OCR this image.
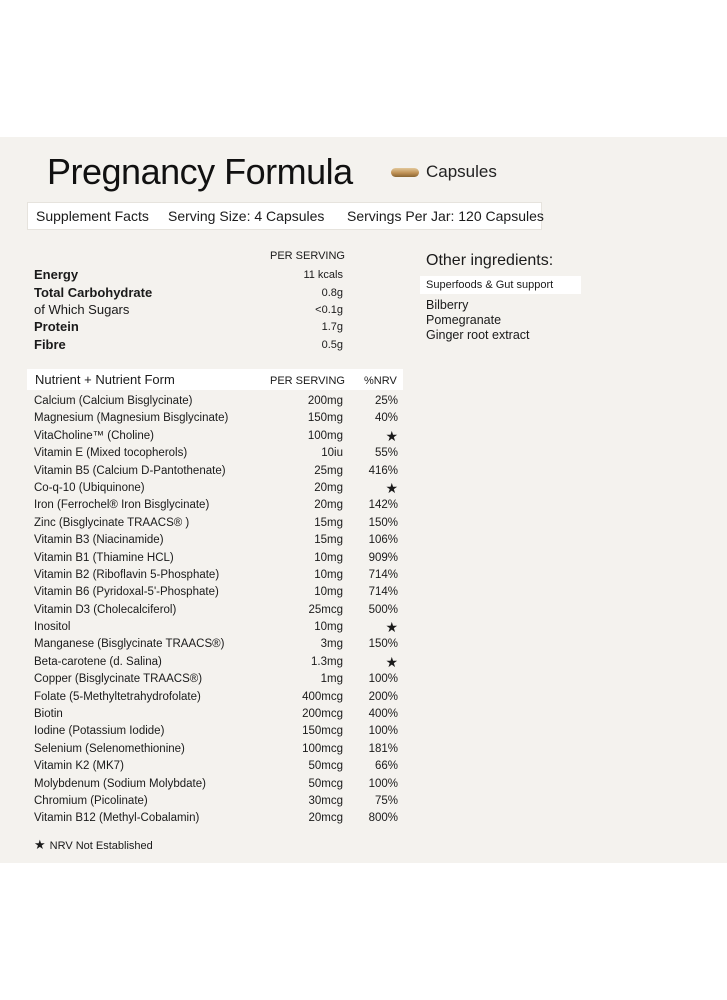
Pregnancy Formula	Capsules
Supplement Facts Serving Size: 4 Capsules Servings Per Jar: 120 Capsules
PER SERVING
Energy	11 kcals
Total Carbohydrate	0.8g
of Which Sugars	<0.1g
Protein	1.7g
Fibre	0.5g
Nutrient + Nutrient Form	PER SERVING %NRV
Calcium (Calcium Bisglycinate)	200mg	25%
Magnesium (Magnesium Bisglycinate)	150mg	40%
VitaCholine™ (Choline)	100mg	★
Vitamin E (Mixed tocopherols)	10iu	55%
Vitamin B5 (Calcium D-Pantothenate)	25mg 416%
Co-q-10 (Ubiquinone)	20mg	★
Iron (Ferrochel® Iron Bisglycinate)	20mg 142%
Zinc (Bisglycinate TRAACS® )	15mg 150%
Vitamin B3 (Niacinamide)	15mg 106%
Vitamin B1 (Thiamine HCL)	10mg 909%
Vitamin B2 (Riboflavin 5-Phosphate)	10mg 714%
Vitamin B6 (Pyridoxal-5'-Phosphate)	10mg 714%
Vitamin D3 (Cholecalciferol)	25mcg 500%
Inositol	10mg	★
Manganese (Bisglycinate TRAACS®)	3mg 150%
Beta-carotene (d. Salina)	1.3mg	★
Copper (Bisglycinate TRAACS®)	1mg 100%
Folate (5-Methyltetrahydrofolate)	400mcg 200%
Biotin	200mcg 400%
Iodine (Potassium Iodide)	150mcg 100%
Selenium (Selenomethionine)	100mcg 181%
Vitamin K2 (MK7)	50mcg	66%
Molybdenum (Sodium Molybdate)	50mcg 100%
Chromium (Picolinate)	30mcg	75%
Vitamin B12 (Methyl-Cobalamin)	20mcg 800%
★ NRV Not Established
Other ingredients:
Superfoods & Gut support
Bilberry
Pomegranate
Ginger root extract
